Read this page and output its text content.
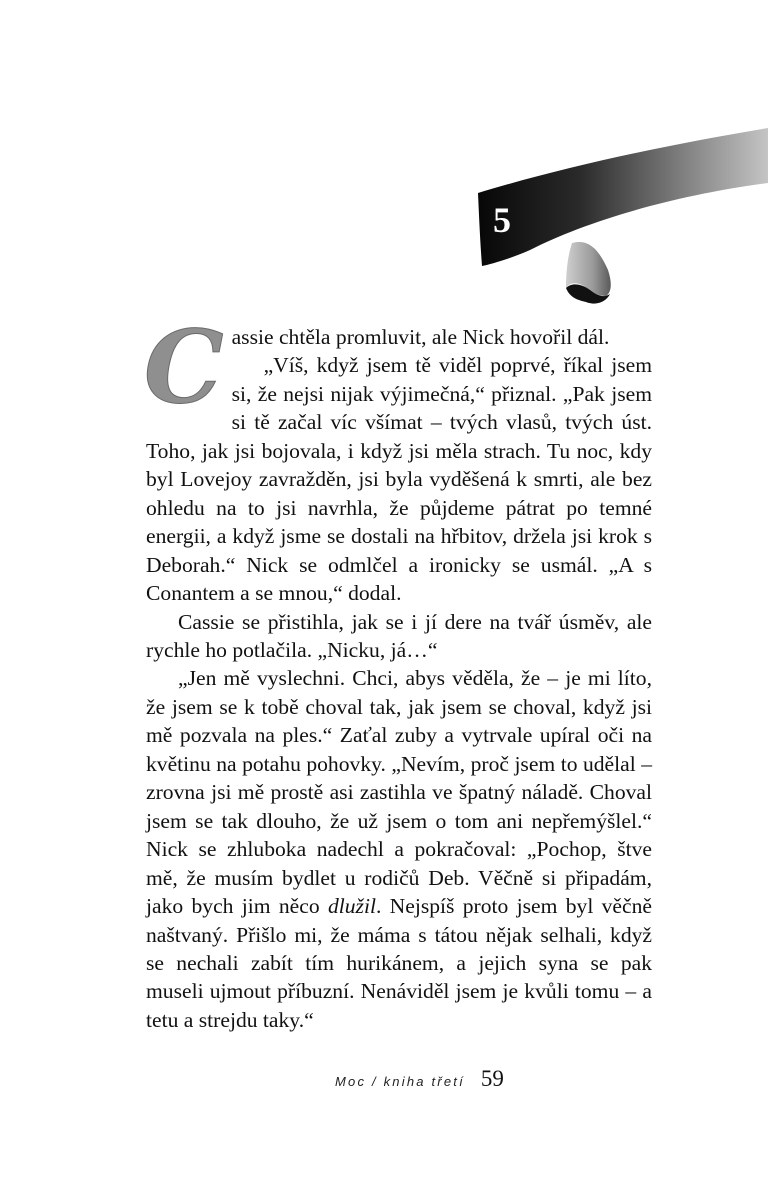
5

Cassie chtěla promluvit, ale Nick hovořil dál.

„Víš, když jsem tě viděl poprvé, říkal jsem si, že nejsi nijak výjimečná,“ přiznal. „Pak jsem si tě začal víc všímat – tvých vlasů, tvých úst. Toho, jak jsi bojovala, i když jsi měla strach. Tu noc, kdy byl Lovejoy zavražděn, jsi byla vyděšená k smrti, ale bez ohledu na to jsi navrhla, že půjdeme pátrat po temné energii, a když jsme se dostali na hřbitov, držela jsi krok s Deborah.“ Nick se odmlčel a ironicky se usmál. „A s Conantem a se mnou,“ dodal.

Cassie se přistihla, jak se i jí dere na tvář úsměv, ale rychle ho potlačila. „Nicku, já…“

„Jen mě vyslechni. Chci, abys věděla, že – je mi líto, že jsem se k tobě choval tak, jak jsem se choval, když jsi mě pozvala na ples.“ Zaťal zuby a vytrvale upíral oči na květinu na potahu pohovky. „Nevím, proč jsem to udělal – zrovna jsi mě prostě asi zastihla ve špatný náladě. Choval jsem se tak dlouho, že už jsem o tom ani nepřemýšlel.“ Nick se zhluboka nadechl a pokračoval: „Pochop, štve mě, že musím bydlet u rodičů Deb. Věčně si připadám, jako bych jim něco dlužil. Nejspíš proto jsem byl věčně naštvaný. Přišlo mi, že máma s tátou nějak selhali, když se nechali zabít tím hurikánem, a jejich syna se pak museli ujmout příbuzní. Nenáviděl jsem je kvůli tomu – a tetu a strejdu taky.“

Moc / kniha třetí 59
